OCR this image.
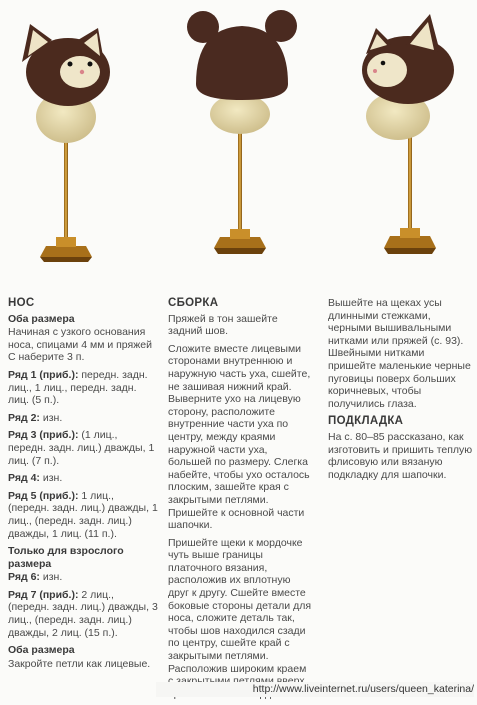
НОС
Оба размера
Начиная с узкого основания носа, спицами 4 мм и пряжей С наберите 3 п.
Ряд 1 (приб.): передн. задн. лиц., 1 лиц., передн. задн. лиц. (5 п.).
Ряд 2: изн.
Ряд 3 (приб.): (1 лиц., передн. задн. лиц.) дважды, 1 лиц. (7 п.).
Ряд 4: изн.
Ряд 5 (приб.): 1 лиц., (передн. задн. лиц.) дважды, 1 лиц., (передн. задн. лиц.) дважды, 1 лиц. (11 п.).
Только для взрослого размера
Ряд 6: изн.
Ряд 7 (приб.): 2 лиц., (передн. задн. лиц.) дважды, 3 лиц., (передн. задн. лиц.) дважды, 2 лиц. (15 п.).
Оба размера
Закройте петли как лицевые.
СБОРКА
Пряжей в тон зашейте задний шов.
Сложите вместе лицевыми сторонами внутреннюю и наружную часть уха, сшейте, не зашивая нижний край. Выверните ухо на лицевую сторону, расположите внутренние части уха по центру, между краями наружной части уха, большей по размеру. Слегка набейте, чтобы ухо осталось плоским, зашейте края с закрытыми петлями. Пришейте к основной части шапочки.
Пришейте щеки к мордочке чуть выше границы платочного вязания, расположив их вплотную друг к другу. Сшейте вместе боковые стороны детали для носа, сложите деталь так, чтобы шов находился сзади по центру, сшейте край с закрытыми петлями. Расположив широким краем
Вышейте на щеках усы длинными стежками, черными вышивальными нитками или пряжей (с. 93). Швейными нитками пришейте маленькие черные пуговицы поверх больших коричневых, чтобы получились глаза.
ПОДКЛАДКА
На с. 80–85 рассказано, как изготовить и пришить теплую флисовую или вязаную подкладку для шапочки.
http://www.liveinternet.ru/users/queen_katerina/
